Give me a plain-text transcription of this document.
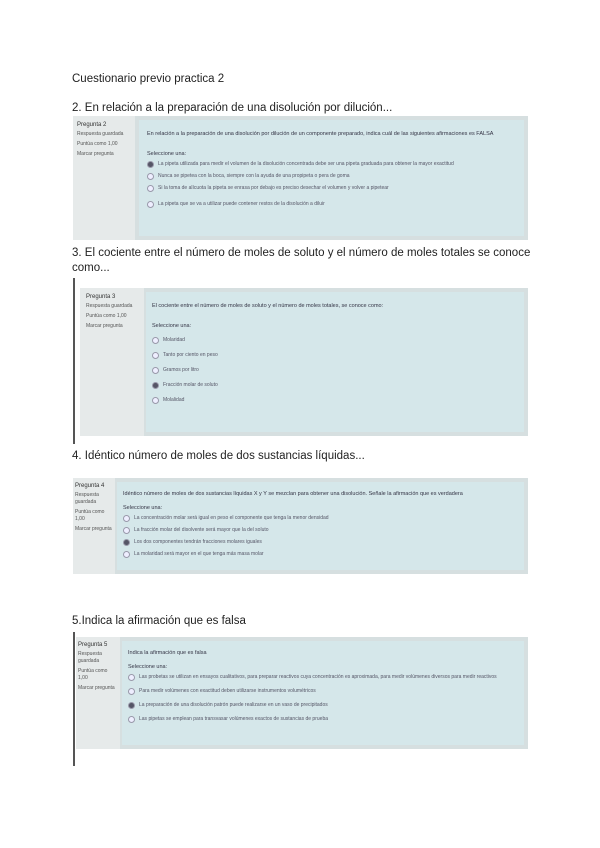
Cuestionario previo practica 2
2. En relación a la preparación de una disolución por dilución...
Pregunta 2
Respuesta guardada
Puntúa como 1,00
Marcar pregunta
En relación a la preparación de una disolución por dilución de un componente preparado, indica cuál de las siguientes afirmaciones es FALSA
Seleccione una:
La pipeta utilizada para medir el volumen de la disolución concentrada debe ser una pipeta graduada para obtener la mayor exactitud
Nunca se pipetea con la boca, siempre con la ayuda de una propipeta o pera de goma
Si la toma de alícuota la pipeta se enrasa por debajo es preciso desechar el volumen y volver a pipetear
La pipeta que se va a utilizar puede contener restos de la disolución a diluir
3. El cociente entre el número de moles de soluto y el número de moles totales se conoce como...
Pregunta 3
Respuesta guardada
Puntúa como 1,00
Marcar pregunta
El cociente entre el número de moles de soluto y el número de moles totales, se conoce como:
Seleccione una:
Molaridad
Tanto por ciento en peso
Gramos por litro
Fracción molar de soluto
Molalidad
4. Idéntico número de moles de dos sustancias líquidas...
Pregunta 4
Respuesta guardada
Puntúa como 1,00
Marcar pregunta
Idéntico número de moles de dos sustancias líquidas X y Y se mezclan para obtener una disolución. Señale la afirmación que es verdadera
Seleccione una:
La concentración molar será igual en peso el componente que tenga la menor densidad
La fracción molar del disolvente será mayor que la del soluto
Los dos componentes tendrán fracciones molares iguales
La molaridad será mayor en el que tenga más masa molar
5.Indica la afirmación que es falsa
Pregunta 5
Respuesta guardada
Puntúa como 1,00
Marcar pregunta
Indica la afirmación que es falsa
Seleccione una:
Las probetas se utilizan en ensayos cualitativos, para preparar reactivos cuya concentración es aproximada, para medir volúmenes diversos para medir reactivos
Para medir volúmenes con exactitud deben utilizarse instrumentos volumétricos
La preparación de una disolución patrón puede realizarse en un vaso de precipitados
Las pipetas se emplean para transvasar volúmenes exactos de sustancias de prueba
